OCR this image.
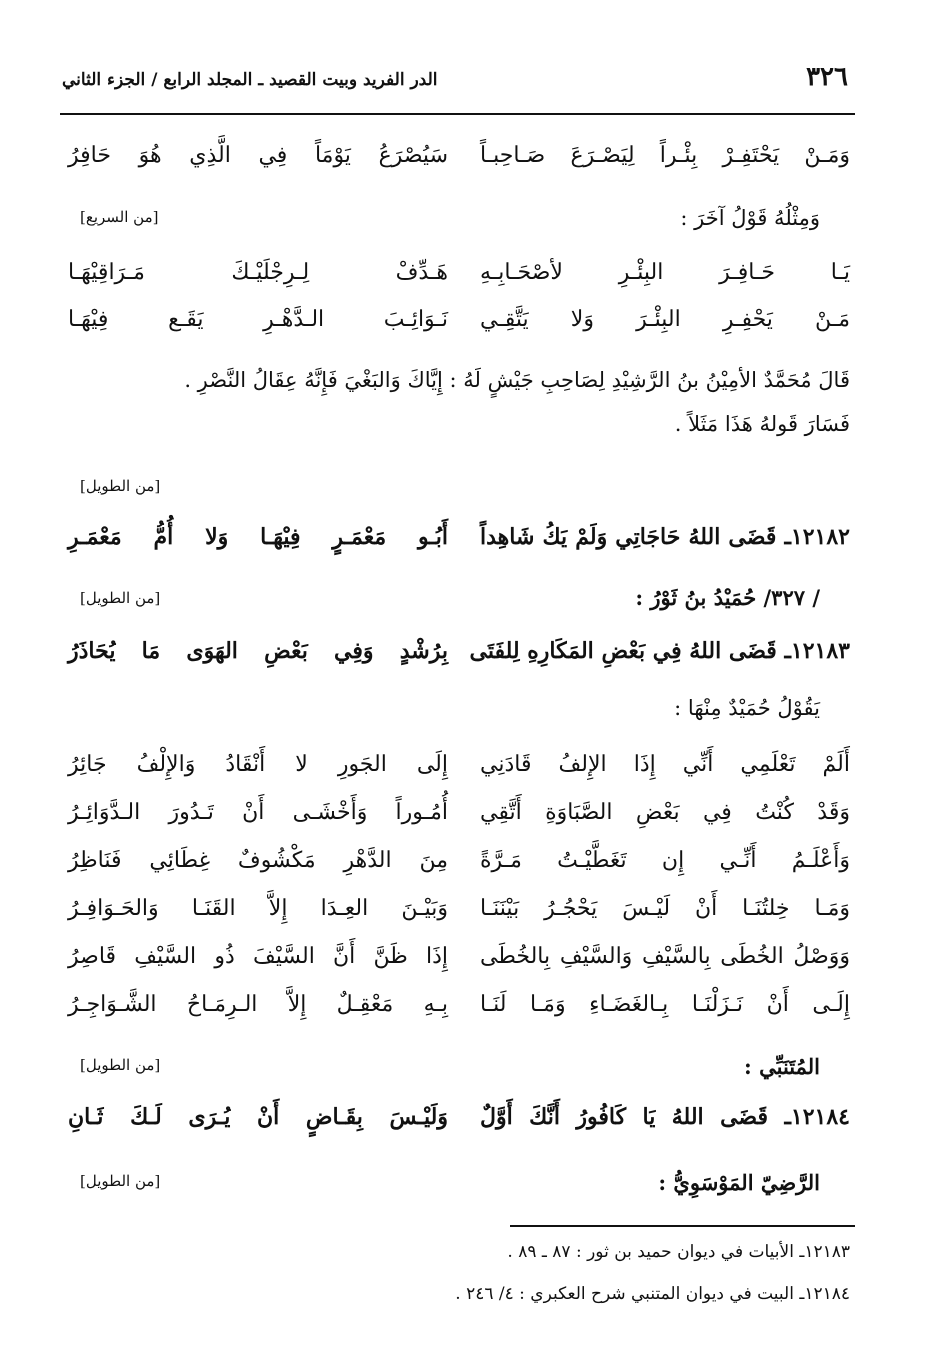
٣٢٦
الدر الفريد وبيت القصيد ـ المجلد الرابع / الجزء الثاني
وَمَـنْ يَحْتَفِـرْ بِئْـراً لِيَصْـرَعَ صَـاحِبـاً
سَيُصْرَعُ يَوْمَاً فِي الَّذِي هُوَ حَافِرُ
وَمِثْلُهُ قَوْلُ آخَرَ :
[من السريع]
يَـا حَـافِـرَ البِئْـرِ لأصْحَـابِـهِ
هَـدِّفْ لِـرِجْلَيْـكَ مَـرَاقِيْهَـا
مَـنْ يَحْفِـرِ البِئْـرَ وَلا يَتَّقِـي
نَـوَائِـبَ الـدَّهْـرِ يَقَـع فِيْهَـا
قَالَ مُحَمَّدٌ الأمِيْنُ بنُ الرَّشِيْدِ لِصَاحِبِ جَيْشٍ لَهُ : إِيَّاكَ وَالبَغْيَ فَإِنَّهُ عِقَالُ النَّصْرِ .
فَسَارَ قَولهُ هَذَا مَثَلاً .
[من الطويل]
١٢١٨٢ـ قَضَى اللهُ حَاجَاتِي وَلَمْ يَكُ شَاهِداً
أَبُـو مَعْمَـرٍ فِيْهَـا وَلا أُمُّ مَعْمَـرِ
/ ٣٢٧/ حُمَيْدُ بنُ ثَوْرُ :
[من الطويل]
١٢١٨٣ـ قَضَى اللهُ فِي بَعْضِ المَكَارِهِ لِلفَتَى
بِرُشْدٍ وَفِي بَعْضِ الهَوَى مَا يُحَاذَرُ
يَقُوْلُ حُمَيْدٌ مِنْهَا :
أَلَمْ تَعْلَمِي أَنِّي إِذَا الإِلفُ قَادَنِي
إِلَى الجَورِ لا أَنْقَادُ وَالإِلْفُ جَائِرُ
وَقَدْ كُنْتُ فِي بَعْضِ الصَّبَاوَةِ أَتَّقِي
أُمُـوراً وَأَخْشَـى أَنْ تَـدُورَ الـدَّوَائِـرُ
وَأَعْلَـمُ أَنِّـي إِن تَغَطَّيْـتُ مَـرَّةً
مِنَ الدَّهْرِ مَكْشُوفٌ غِطَائِي فَنَاظِرُ
وَمَـا خِلتُنَـا أَنْ لَيْـسَ يَحْجُـرُ بَيْنَنَـا
وَبَيْـنَ العِـدَا إِلاَّ القَنَـا وَالحَـوَافِـرُ
وَوَصْلُ الخُطَى بِالسَّيْفِ وَالسَّيْفِ بِالخُطَى
إِذَا ظَنَّ أَنَّ السَّيْفَ ذُو السَّيْفِ قَاصِرُ
إِلَـى أَنْ نَـزَلْنَـا بِـالغَضَـاءِ وَمَـا لَنَـا
بِـهِ مَعْقِـلٌ إِلاَّ الـرِمَـاحُ الشَّـوَاجِـرُ
المُتَنَبِّي :
[من الطويل]
١٢١٨٤ـ قَضَى اللهُ يَا كَافُورُ أَنَّكَ أَوَّلٌ
وَلَيْـسَ بِقَـاضٍ أَنْ يُـرَى لَـكَ ثَـانِ
الرَّضِيّ المَوْسَوِيُّ :
[من الطويل]
١٢١٨٣ـ الأبيات في ديوان حميد بن ثور : ٨٧ ـ ٨٩ .
١٢١٨٤ـ البيت في ديوان المتنبي شرح العكبري : ٤/ ٢٤٦ .
